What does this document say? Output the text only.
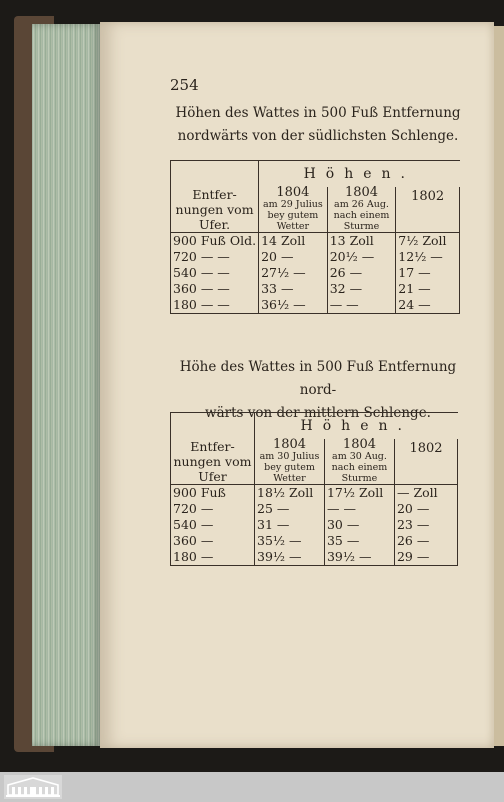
254
Höhen des Wattes in 500 Fuß Entfernung
nordwärts von der südlichsten Schlenge.
	Höhen.		
Entfer-nungen vom Ufer.	1804
am 29 Julius
bey gutem
Wetter	1804
am 26 Aug.
nach einem
Sturme	1802

900 Fuß Old.	14 Zoll	13 Zoll	7½ Zoll
720 — —	20 —	20½ —	12½ —
540 — —	27½ —	26 —	17 —
360 — —	33 —	32 —	21 —
180 — —	36½ —	— —	24 —
Höhe des Wattes in 500 Fuß Entfernung nord-
wärts von der mittlern Schlenge.
	Höhen.		
Entfer-nungen vom Ufer	1804
am 30 Julius
bey gutem
Wetter	1804
am 30 Aug.
nach einem
Sturme	1802

900 Fuß	18½ Zoll	17½ Zoll	— Zoll
720 —	25 —	— —	20 —
540 —	31 —	30 —	23 —
360 —	35½ —	35 —	26 —
180 —	39½ —	39½ —	29 —
